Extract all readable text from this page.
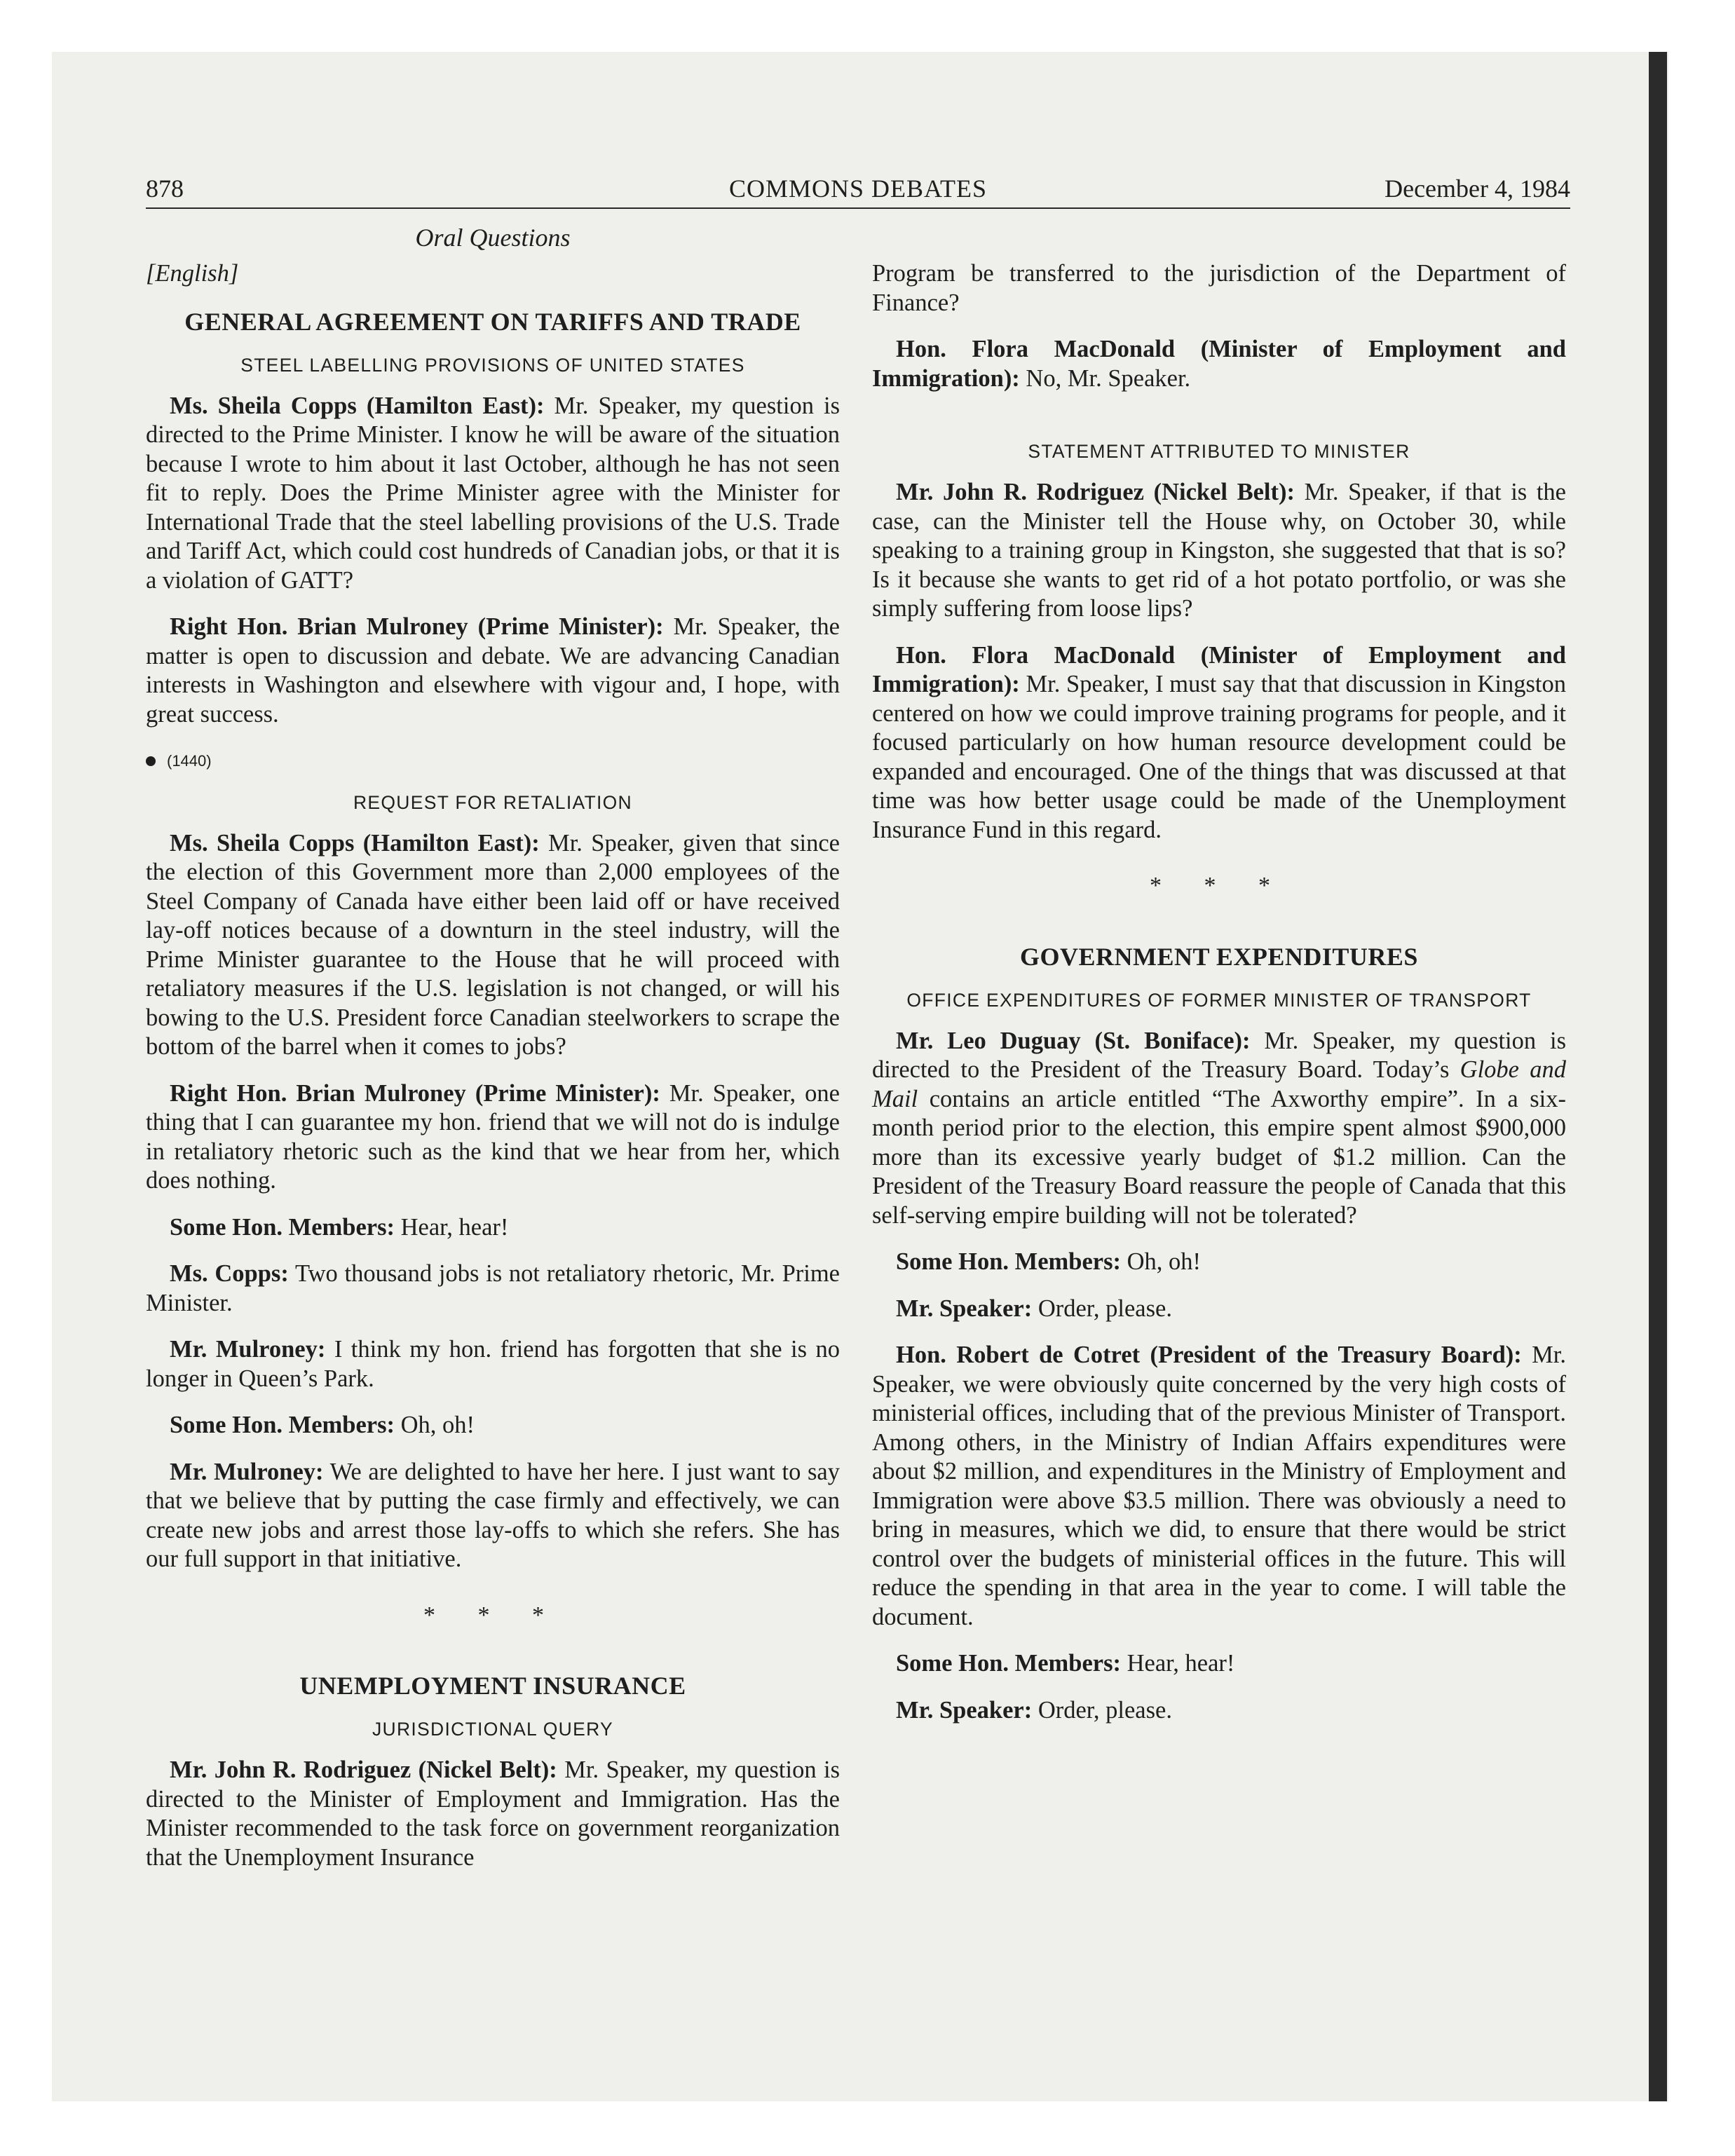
878	COMMONS DEBATES	December 4, 1984
Oral Questions

[English]

GENERAL AGREEMENT ON TARIFFS AND TRADE
STEEL LABELLING PROVISIONS OF UNITED STATES

Ms. Sheila Copps (Hamilton East): Mr. Speaker, my question is directed to the Prime Minister. I know he will be aware of the situation because I wrote to him about it last October, although he has not seen fit to reply. Does the Prime Minister agree with the Minister for International Trade that the steel labelling provisions of the U.S. Trade and Tariff Act, which could cost hundreds of Canadian jobs, or that it is a violation of GATT?

Right Hon. Brian Mulroney (Prime Minister): Mr. Speaker, the matter is open to discussion and debate. We are advancing Canadian interests in Washington and elsewhere with vigour and, I hope, with great success.

(1440)
REQUEST FOR RETALIATION

Ms. Sheila Copps (Hamilton East): Mr. Speaker, given that since the election of this Government more than 2,000 employees of the Steel Company of Canada have either been laid off or have received lay-off notices because of a downturn in the steel industry, will the Prime Minister guarantee to the House that he will proceed with retaliatory measures if the U.S. legislation is not changed, or will his bowing to the U.S. President force Canadian steelworkers to scrape the bottom of the barrel when it comes to jobs?

Right Hon. Brian Mulroney (Prime Minister): Mr. Speaker, one thing that I can guarantee my hon. friend that we will not do is indulge in retaliatory rhetoric such as the kind that we hear from her, which does nothing.

Some Hon. Members: Hear, hear!

Ms. Copps: Two thousand jobs is not retaliatory rhetoric, Mr. Prime Minister.

Mr. Mulroney: I think my hon. friend has forgotten that she is no longer in Queen’s Park.

Some Hon. Members: Oh, oh!

Mr. Mulroney: We are delighted to have her here. I just want to say that we believe that by putting the case firmly and effectively, we can create new jobs and arrest those lay-offs to which she refers. She has our full support in that initiative.

* * *
UNEMPLOYMENT INSURANCE
JURISDICTIONAL QUERY

Mr. John R. Rodriguez (Nickel Belt): Mr. Speaker, my question is directed to the Minister of Employment and Immigration. Has the Minister recommended to the task force on government reorganization that the Unemployment Insurance

Program be transferred to the jurisdiction of the Department of Finance?

Hon. Flora MacDonald (Minister of Employment and Immigration): No, Mr. Speaker.

STATEMENT ATTRIBUTED TO MINISTER

Mr. John R. Rodriguez (Nickel Belt): Mr. Speaker, if that is the case, can the Minister tell the House why, on October 30, while speaking to a training group in Kingston, she suggested that that is so? Is it because she wants to get rid of a hot potato portfolio, or was she simply suffering from loose lips?

Hon. Flora MacDonald (Minister of Employment and Immigration): Mr. Speaker, I must say that that discussion in Kingston centered on how we could improve training programs for people, and it focused particularly on how human resource development could be expanded and encouraged. One of the things that was discussed at that time was how better usage could be made of the Unemployment Insurance Fund in this regard.

* * *
GOVERNMENT EXPENDITURES
OFFICE EXPENDITURES OF FORMER MINISTER OF TRANSPORT

Mr. Leo Duguay (St. Boniface): Mr. Speaker, my question is directed to the President of the Treasury Board. Today’s Globe and Mail contains an article entitled “The Axworthy empire”. In a six-month period prior to the election, this empire spent almost $900,000 more than its excessive yearly budget of $1.2 million. Can the President of the Treasury Board reassure the people of Canada that this self-serving empire building will not be tolerated?

Some Hon. Members: Oh, oh!

Mr. Speaker: Order, please.

Hon. Robert de Cotret (President of the Treasury Board): Mr. Speaker, we were obviously quite concerned by the very high costs of ministerial offices, including that of the previous Minister of Transport. Among others, in the Ministry of Indian Affairs expenditures were about $2 million, and expenditures in the Ministry of Employment and Immigration were above $3.5 million. There was obviously a need to bring in measures, which we did, to ensure that there would be strict control over the budgets of ministerial offices in the future. This will reduce the spending in that area in the year to come. I will table the document.

Some Hon. Members: Hear, hear!

Mr. Speaker: Order, please.
